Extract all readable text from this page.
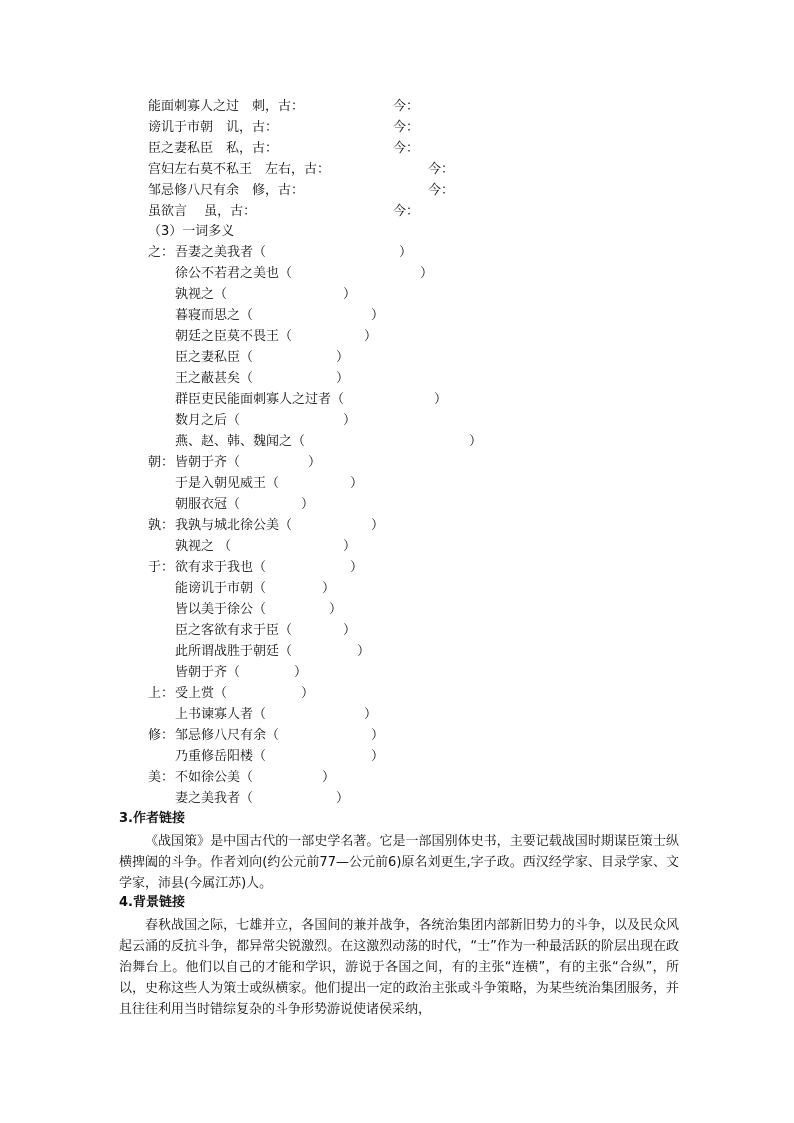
能面刺寡人之过　刺，古：	今：
谤讥于市朝　讥，古：	今：
臣之妻私臣　私，古：	今：
宫妇左右莫不私王　左右，古：	今：
邹忌修八尺有余　修，古：	今：
虽欲言　 虽，古：	今：
（3）一词多义
之： 吾妻之美我者（	）
徐公不若君之美也（	）
孰视之（	）
暮寝而思之（	）
朝廷之臣莫不畏王（	）
臣之妻私臣（	）
王之蔽甚矣（	）
群臣吏民能面刺寡人之过者（	）
数月之后（	）
燕、赵、韩、魏闻之（	）
朝： 皆朝于齐（	）
于是入朝见威王（	）
朝服衣冠（	）
孰： 我孰与城北徐公美（	）
孰视之 （	）
于： 欲有求于我也（	）
能谤讥于市朝（	）
皆以美于徐公（	）
臣之客欲有求于臣（	）
此所谓战胜于朝廷（	）
皆朝于齐（	）
上： 受上赏（	）
上书谏寡人者（	）
修： 邹忌修八尺有余（	）
乃重修岳阳楼（	）
美： 不如徐公美（	）
妻之美我者（	）
3.作者链接

《战国策》是中国古代的一部史学名著。它是一部国别体史书，主要记载战国时期谋臣策士纵横捭阖的斗争。作者刘向(约公元前77—公元前6)原名刘更生,字子政。西汉经学家、目录学家、文学家，沛县(今属江苏)人。

4.背景链接

春秋战国之际，七雄并立，各国间的兼并战争，各统治集团内部新旧势力的斗争，以及民众风起云涌的反抗斗争，都异常尖锐激烈。在这激烈动荡的时代，“士”作为一种最活跃的阶层出现在政治舞台上。他们以自己的才能和学识，游说于各国之间，有的主张“连横”，有的主张“合纵”，所以，史称这些人为策士或纵横家。他们提出一定的政治主张或斗争策略，为某些统治集团服务，并且往往利用当时错综复杂的斗争形势游说使诸侯采纳，
